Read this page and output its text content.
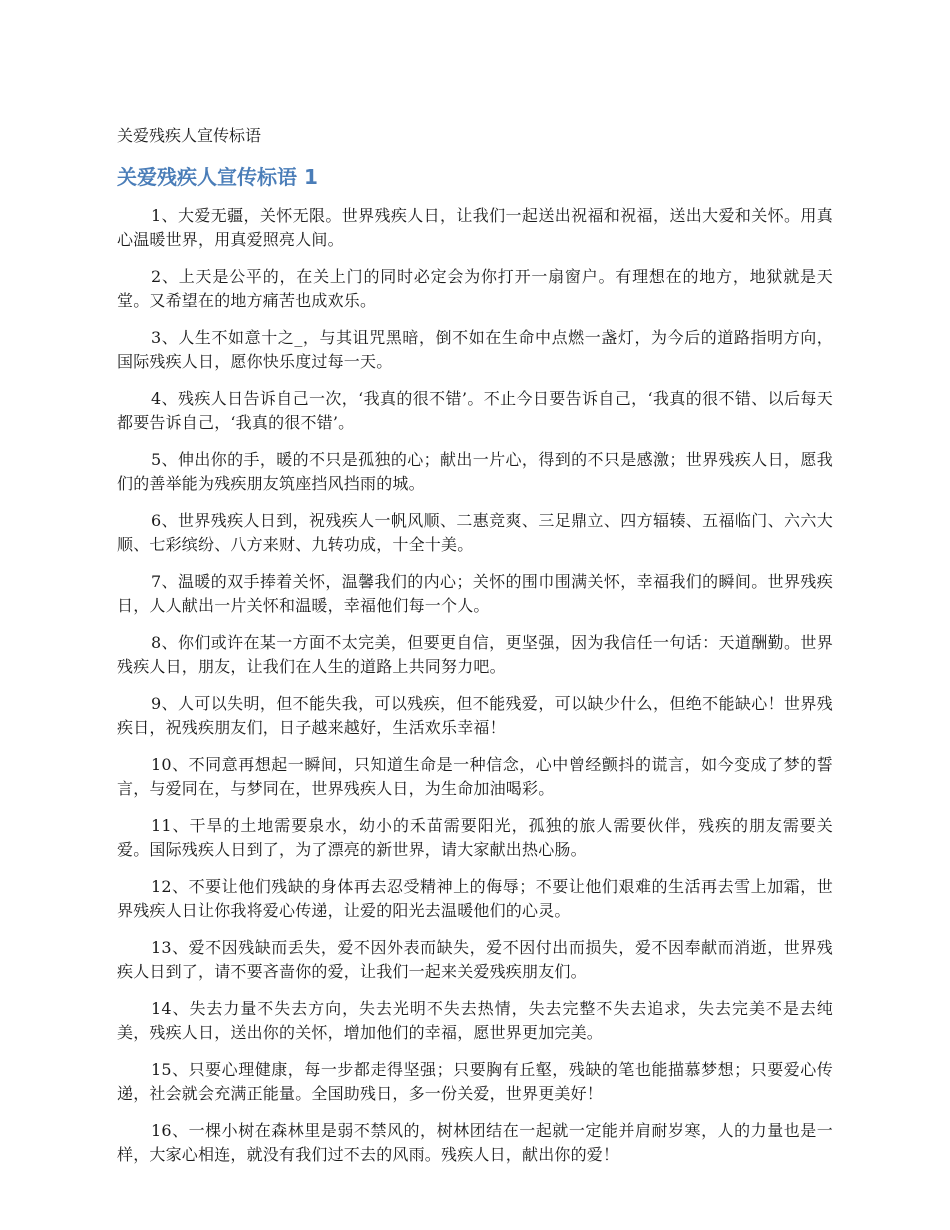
关爱残疾人宣传标语

关爱残疾人宣传标语 1
1、大爱无疆，关怀无限。世界残疾人日，让我们一起送出祝福和祝福，送出大爱和关怀。用真心温暖世界，用真爱照亮人间。
2、上天是公平的，在关上门的同时必定会为你打开一扇窗户。有理想在的地方，地狱就是天堂。又希望在的地方痛苦也成欢乐。
3、人生不如意十之_，与其诅咒黑暗，倒不如在生命中点燃一盏灯，为今后的道路指明方向，国际残疾人日，愿你快乐度过每一天。
4、残疾人日告诉自己一次，‘我真的很不错’。不止今日要告诉自己，‘我真的很不错、以后每天都要告诉自己，‘我真的很不错’。
5、伸出你的手，暖的不只是孤独的心；献出一片心，得到的不只是感激；世界残疾人日，愿我们的善举能为残疾朋友筑座挡风挡雨的城。
6、世界残疾人日到，祝残疾人一帆风顺、二惠竞爽、三足鼎立、四方辐辏、五福临门、六六大顺、七彩缤纷、八方来财、九转功成，十全十美。
7、温暖的双手捧着关怀，温馨我们的内心；关怀的围巾围满关怀，幸福我们的瞬间。世界残疾日，人人献出一片关怀和温暖，幸福他们每一个人。
8、你们或许在某一方面不太完美，但要更自信，更坚强，因为我信任一句话：天道酬勤。世界残疾人日，朋友，让我们在人生的道路上共同努力吧。
9、人可以失明，但不能失我，可以残疾，但不能残爱，可以缺少什么，但绝不能缺心！世界残疾日，祝残疾朋友们，日子越来越好，生活欢乐幸福！
10、不同意再想起一瞬间，只知道生命是一种信念，心中曾经颤抖的谎言，如今变成了梦的誓言，与爱同在，与梦同在，世界残疾人日，为生命加油喝彩。
11、干旱的土地需要泉水，幼小的禾苗需要阳光，孤独的旅人需要伙伴，残疾的朋友需要关爱。国际残疾人日到了，为了漂亮的新世界，请大家献出热心肠。
12、不要让他们残缺的身体再去忍受精神上的侮辱；不要让他们艰难的生活再去雪上加霜，世界残疾人日让你我将爱心传递，让爱的阳光去温暖他们的心灵。
13、爱不因残缺而丢失，爱不因外表而缺失，爱不因付出而损失，爱不因奉献而消逝，世界残疾人日到了，请不要吝啬你的爱，让我们一起来关爱残疾朋友们。
14、失去力量不失去方向，失去光明不失去热情，失去完整不失去追求，失去完美不是去纯美，残疾人日，送出你的关怀，增加他们的幸福，愿世界更加完美。
15、只要心理健康，每一步都走得坚强；只要胸有丘壑，残缺的笔也能描慕梦想；只要爱心传递，社会就会充满正能量。全国助残日，多一份关爱，世界更美好！
16、一棵小树在森林里是弱不禁风的，树林团结在一起就一定能并肩耐岁寒，人的力量也是一样，大家心相连，就没有我们过不去的风雨。残疾人日，献出你的爱！
